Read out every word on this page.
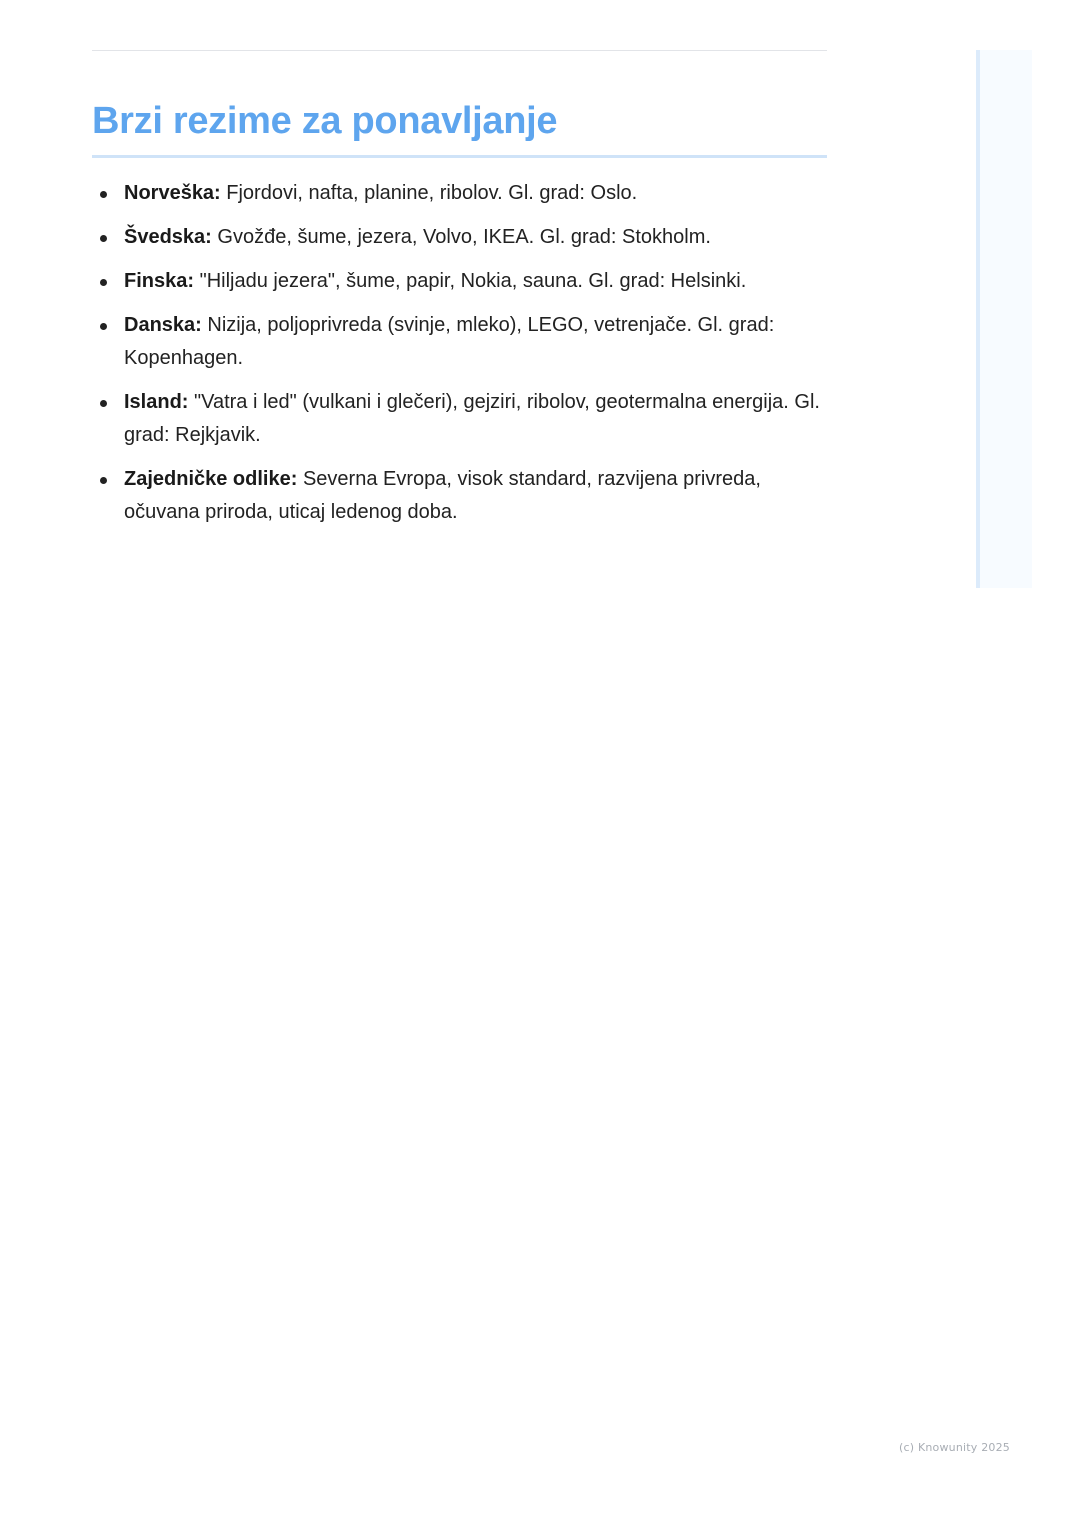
Brzi rezime za ponavljanje
Norveška: Fjordovi, nafta, planine, ribolov. Gl. grad: Oslo.
Švedska: Gvožđe, šume, jezera, Volvo, IKEA. Gl. grad: Stokholm.
Finska: "Hiljadu jezera", šume, papir, Nokia, sauna. Gl. grad: Helsinki.
Danska: Nizija, poljoprivreda (svinje, mleko), LEGO, vetrenjače. Gl. grad: Kopenhagen.
Island: "Vatra i led" (vulkani i glečeri), gejziri, ribolov, geotermalna energija. Gl. grad: Rejkjavik.
Zajedničke odlike: Severna Evropa, visok standard, razvijena privreda, očuvana priroda, uticaj ledenog doba.
(c) Knowunity 2025
